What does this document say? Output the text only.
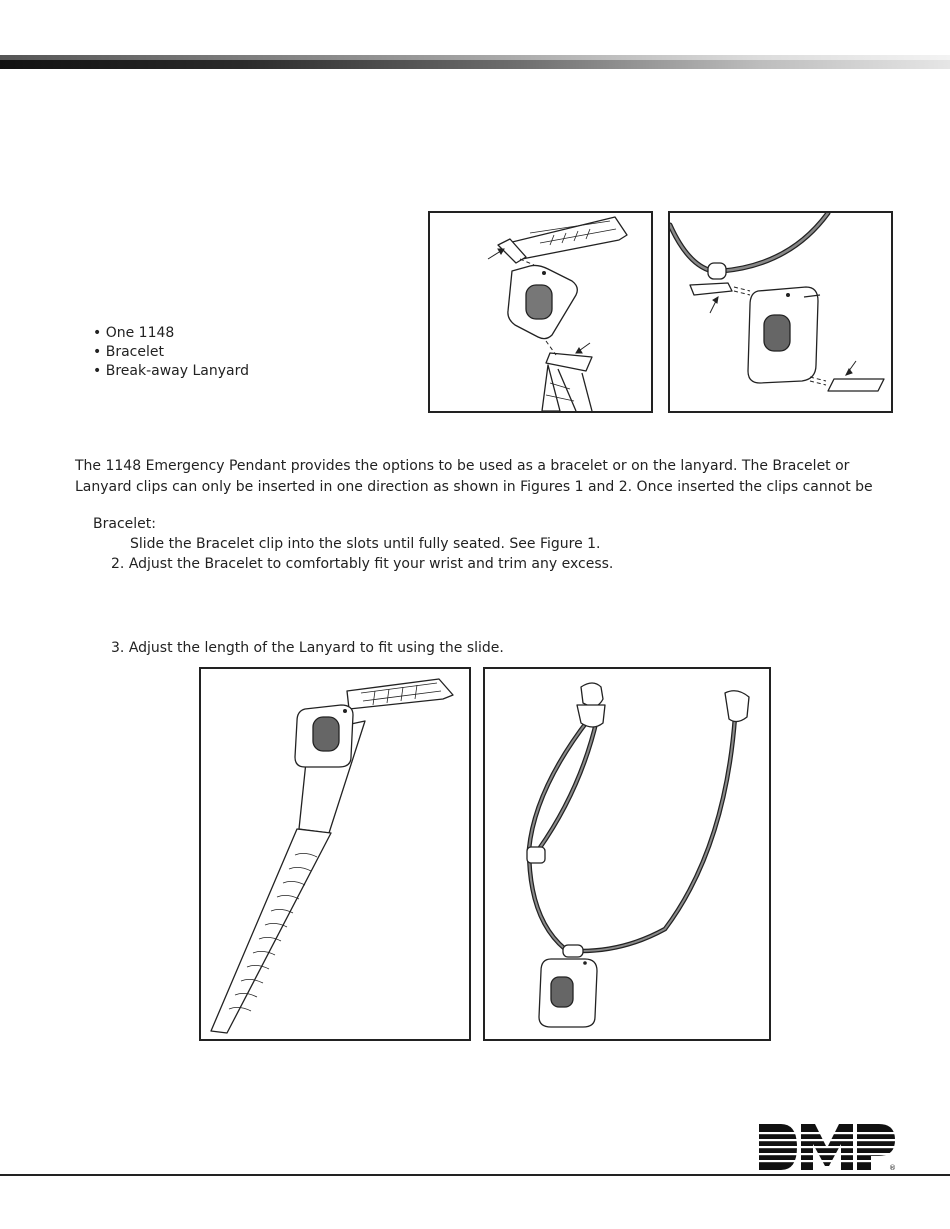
• One 1148
• Bracelet
• Break-away Lanyard

The 1148 Emergency Pendant provides the options to be used as a bracelet or on the lanyard. The Bracelet or Lanyard clips can only be inserted in one direction as shown in Figures 1 and 2. Once inserted the clips cannot be

Bracelet:
Slide the Bracelet clip into the slots until fully seated. See Figure 1.
2. Adjust the Bracelet to comfortably fit your wrist and trim any excess.
3. Adjust the length of the Lanyard to fit using the slide.
®
